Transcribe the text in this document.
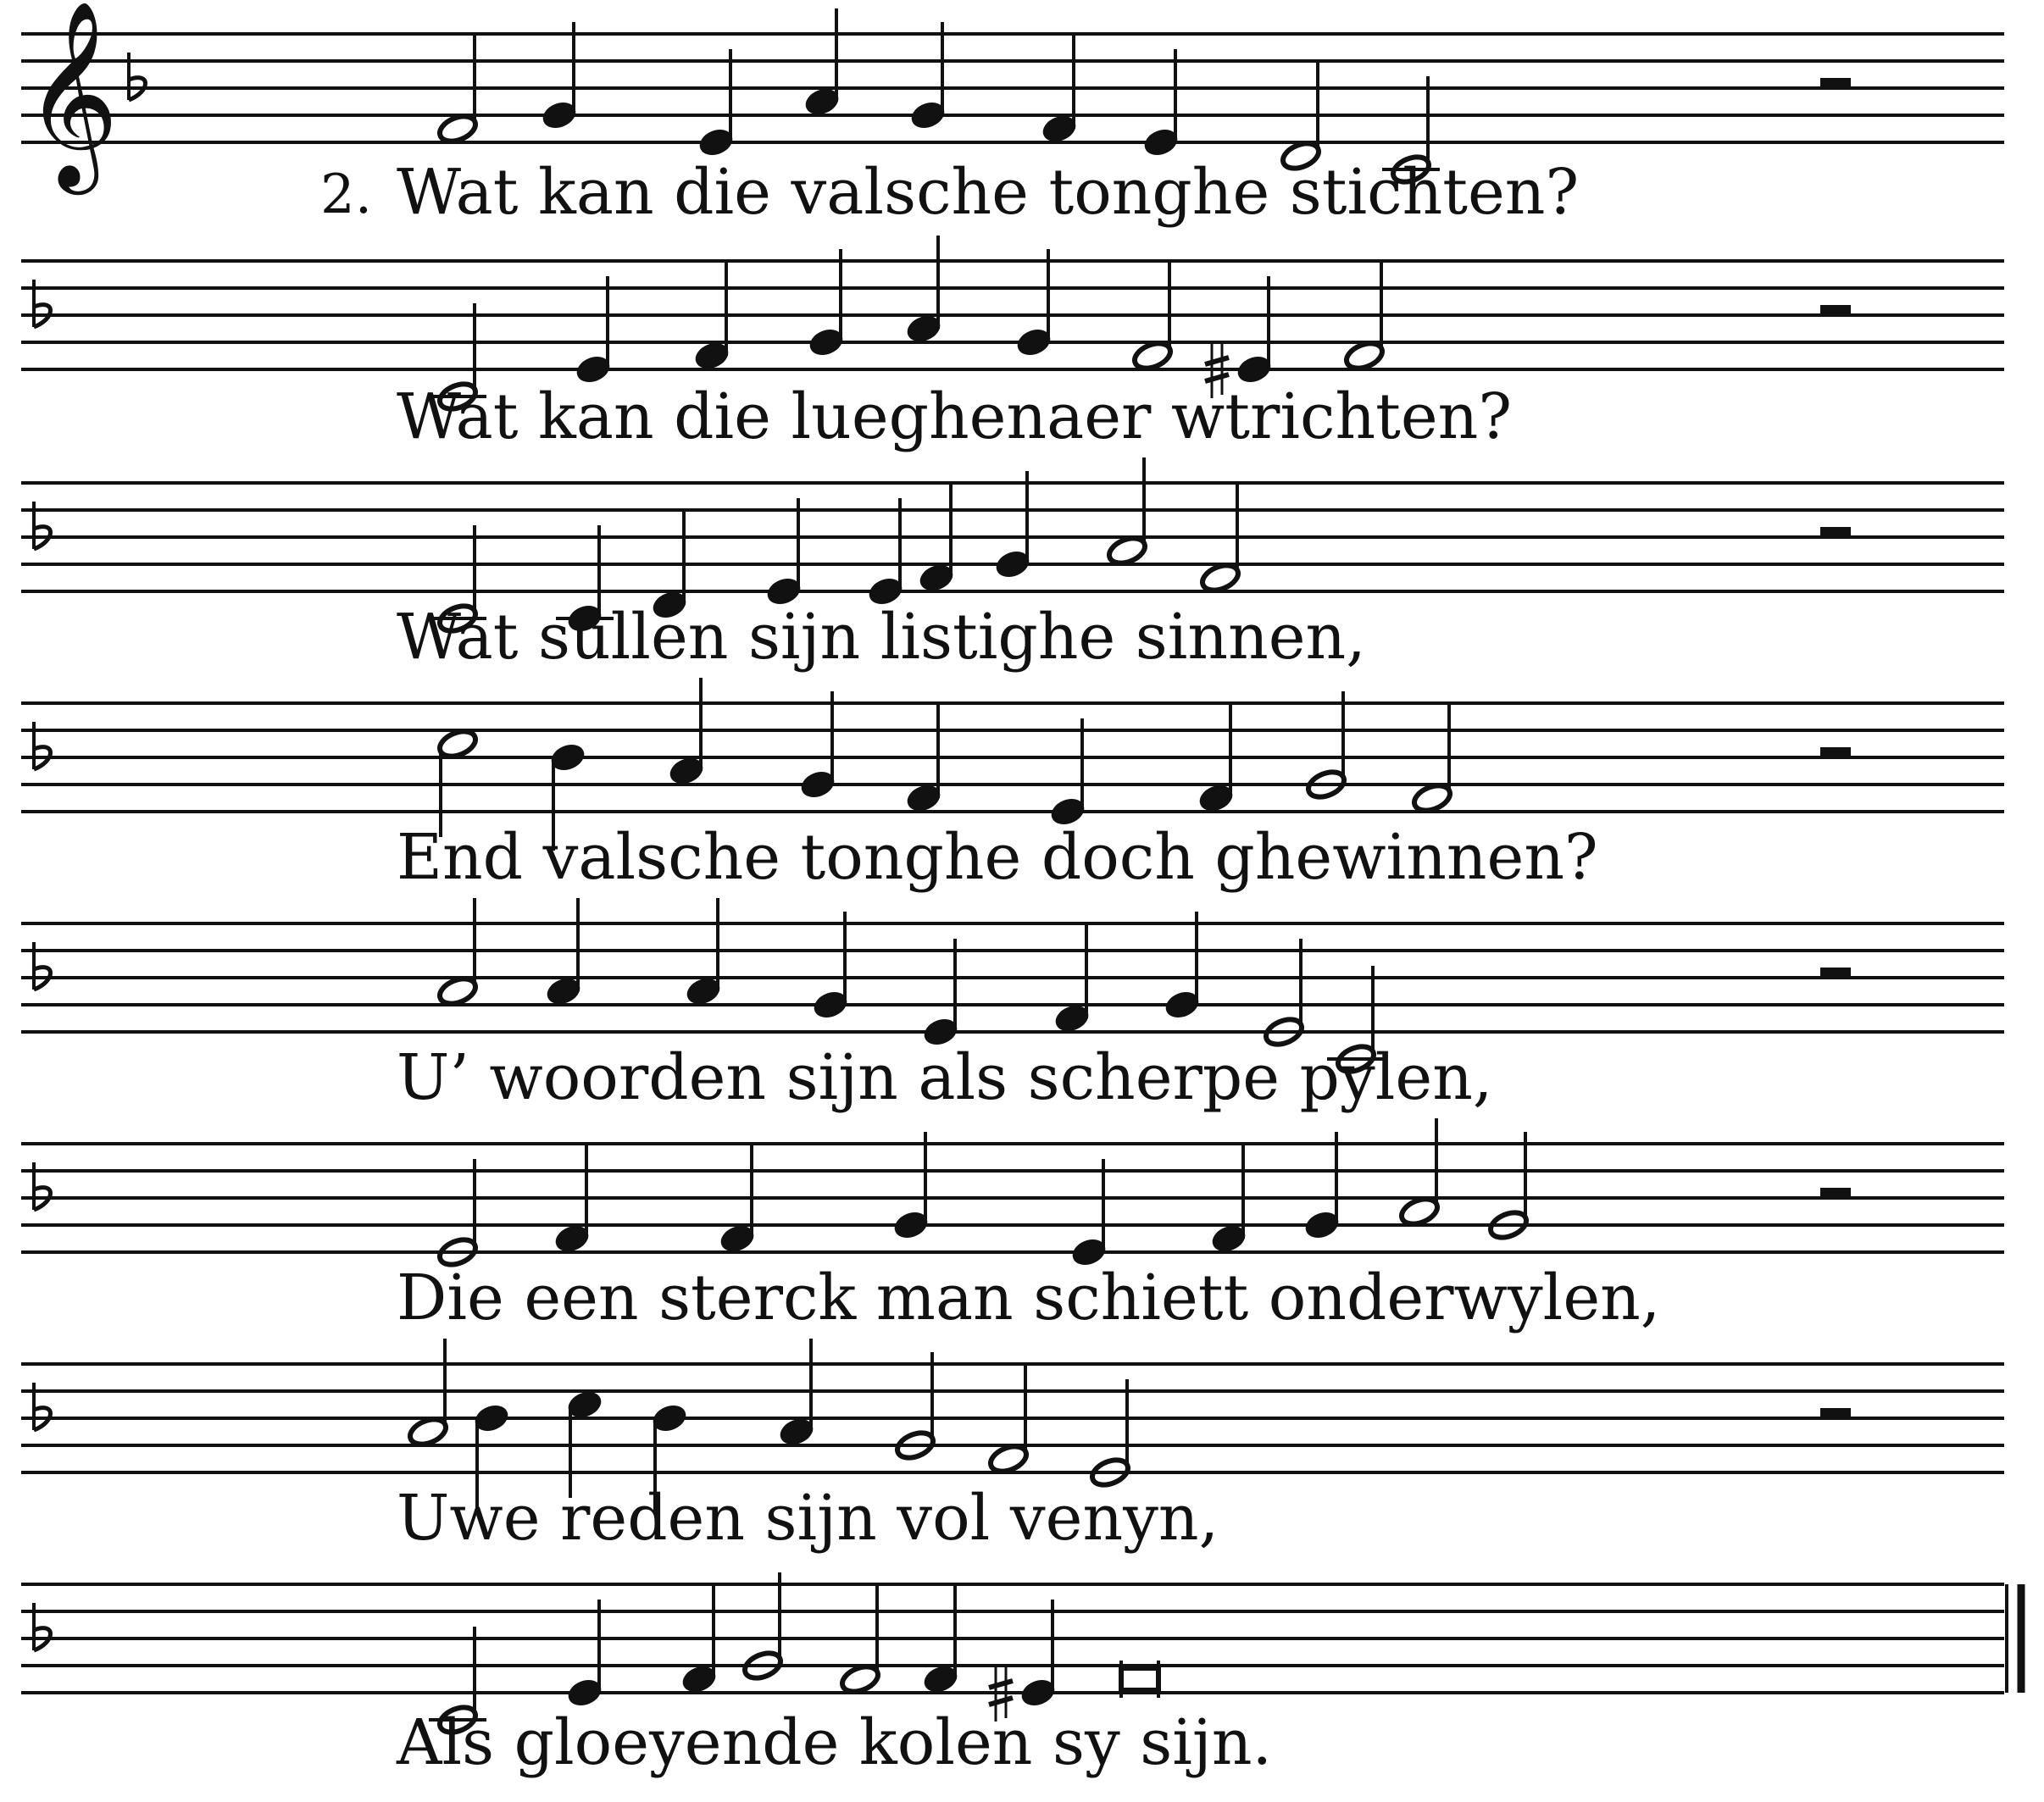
𝄞
Wat kan die valsche tonghe stichten?
Wat kan die lueghenaer wtrichten?
Wat sullen sijn listighe sinnen,
End valsche tonghe doch ghewinnen?
U’ woorden sijn als scherpe pylen,
Die een sterck man schiett onderwylen,
Uwe reden sijn vol venyn,
Als gloeyende kolen sy sijn.
2.
